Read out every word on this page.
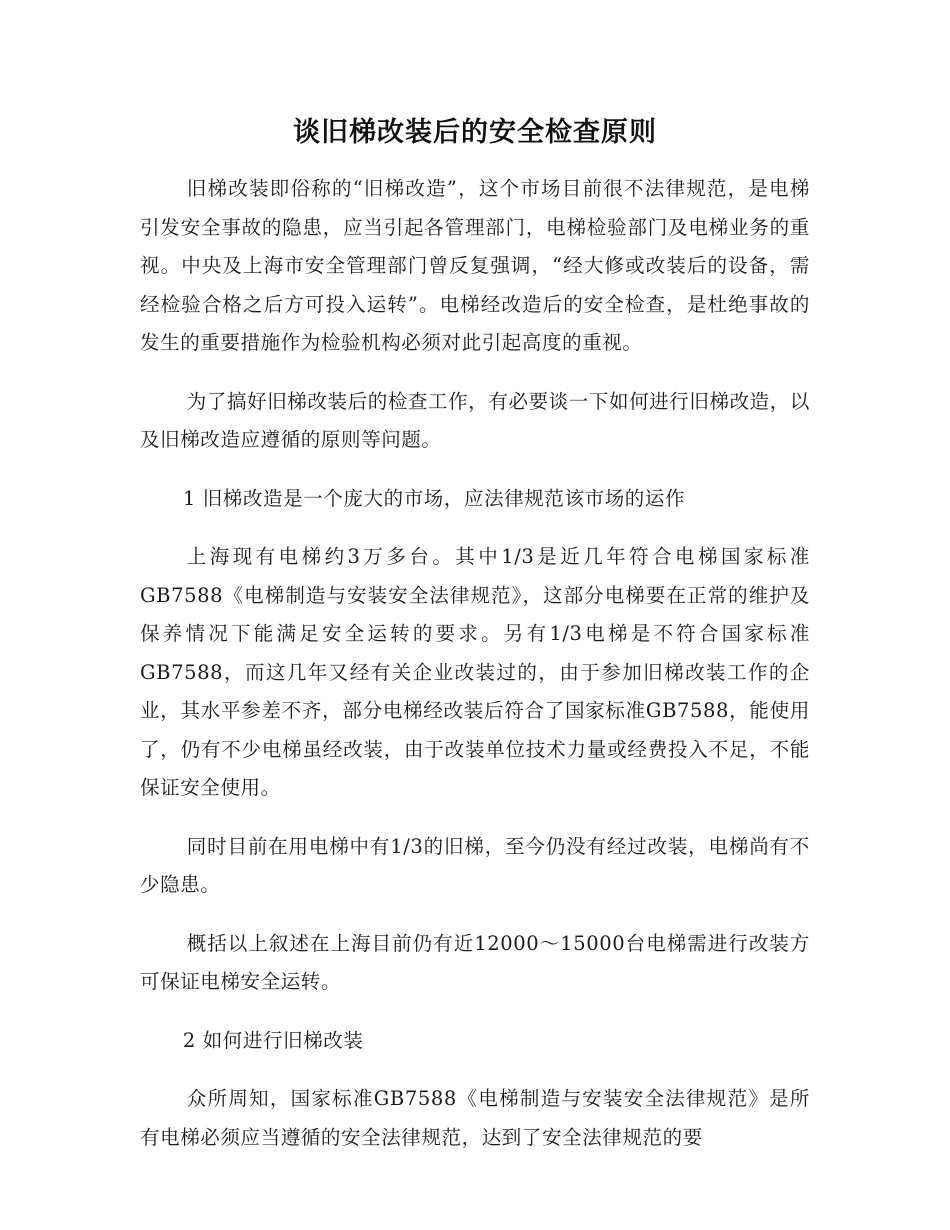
谈旧梯改装后的安全检查原则

旧梯改装即俗称的“旧梯改造”，这个市场目前很不法律规范，是电梯引发安全事故的隐患，应当引起各管理部门，电梯检验部门及电梯业务的重视。中央及上海市安全管理部门曾反复强调，“经大修或改装后的设备，需经检验合格之后方可投入运转”。电梯经改造后的安全检查，是杜绝事故的发生的重要措施作为检验机构必须对此引起高度的重视。

为了搞好旧梯改装后的检查工作，有必要谈一下如何进行旧梯改造，以及旧梯改造应遵循的原则等问题。

1 旧梯改造是一个庞大的市场，应法律规范该市场的运作

上海现有电梯约3万多台。其中1/3是近几年符合电梯国家标准GB7588《电梯制造与安装安全法律规范》，这部分电梯要在正常的维护及保养情况下能满足安全运转的要求。另有1/3电梯是不符合国家标准GB7588，而这几年又经有关企业改装过的，由于参加旧梯改装工作的企业，其水平参差不齐，部分电梯经改装后符合了国家标准GB7588，能使用了，仍有不少电梯虽经改装，由于改装单位技术力量或经费投入不足，不能保证安全使用。

同时目前在用电梯中有1/3的旧梯，至今仍没有经过改装，电梯尚有不少隐患。

概括以上叙述在上海目前仍有近12000～15000台电梯需进行改装方可保证电梯安全运转。

2 如何进行旧梯改装

众所周知，国家标准GB7588《电梯制造与安装安全法律规范》是所有电梯必须应当遵循的安全法律规范，达到了安全法律规范的要
